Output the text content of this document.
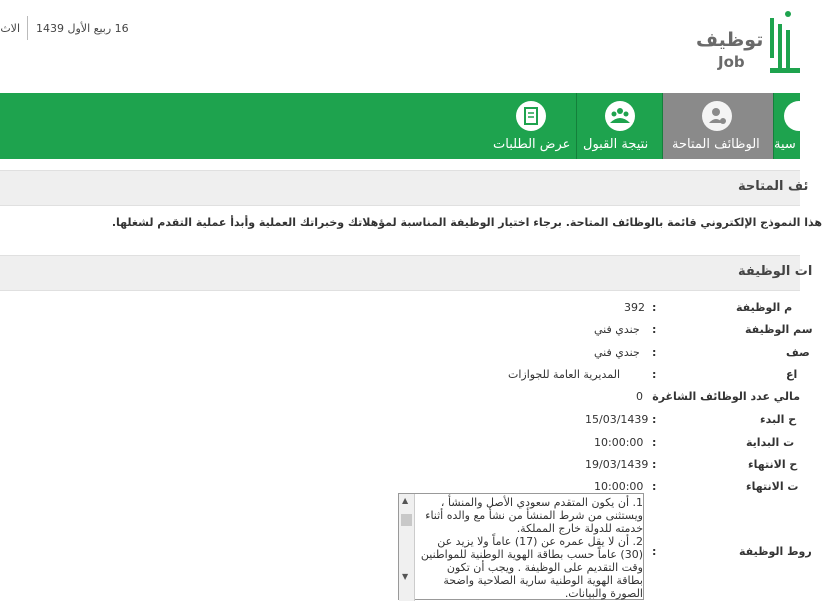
الاث 16 ربيع الأول 1439
توظيف
Job
سية
الوظائف المتاحة
نتيجة القبول
عرض الطلبات
ئف المتاحة
هذا النموذج الإلكتروني قائمة بالوظائف المتاحة. برجاء اختيار الوظيفة المناسبة لمؤهلاتك وخبراتك العملية وأبدأ عملية التقدم لشغلها.
ات الوظيفة
م الوظيفة
:
392
سم الوظيفة
:
جندي فني
صف
:
جندي فني
اع
:
المديرية العامة للجوازات
مالي عدد الوظائف الشاغرة
0
ح البدء
:
15/03/1439
ت البداية
:
10:00:00
ح الانتهاء
:
19/03/1439
ت الانتهاء
:
10:00:00
روط الوظيفة
:
1. أن يكون المتقدم سعودي الأصل والمنشأ ، ويستثنى من شرط المنشأ من نشأ مع والده أثناء خدمته للدولة خارج المملكة.
2. أن لا يقل عمره عن (17) عاماً ولا يزيد عن (30) عاماً حسب بطاقة الهوية الوطنية للمواطنين وقت التقديم على الوظيفة . ويجب أن تكون بطاقة الهوية الوطنية سارية الصلاحية واضحة الصورة والبيانات.
▲
▼
